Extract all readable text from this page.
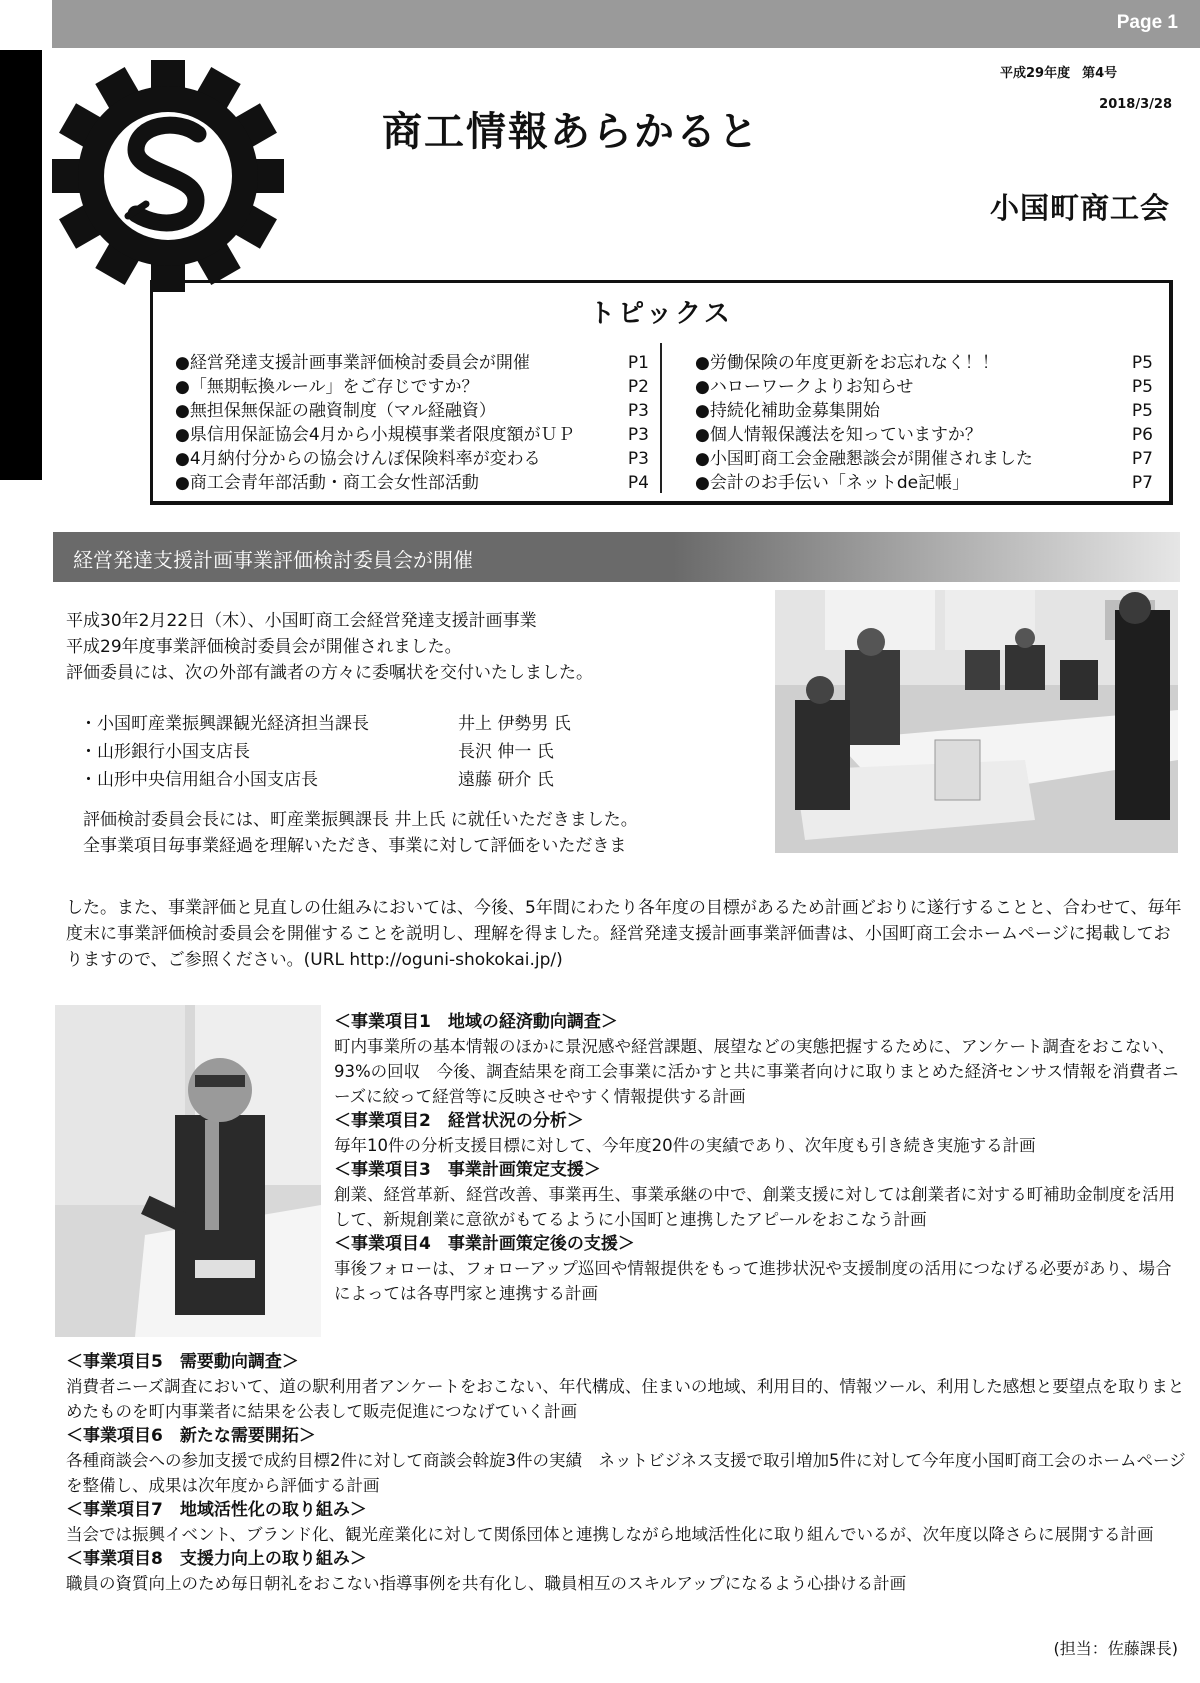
Page 1
商工情報あらかると
平成29年度 第4号
2018/3/28
小国町商工会
トピックス
●経営発達支援計画事業評価検討委員会が開催	P1
●「無期転換ルール」をご存じですか？	P2
●無担保無保証の融資制度（マル経融資）	P3
●県信用保証協会4月から小規模事業者限度額がＵＰ	P3
●4月納付分からの協会けんぽ保険料率が変わる	P3
●商工会青年部活動・商工会女性部活動	P4
●労働保険の年度更新をお忘れなく！！	P5
●ハローワークよりお知らせ	P5
●持続化補助金募集開始	P5
●個人情報保護法を知っていますか？	P6
●小国町商工会金融懇談会が開催されました	P7
●会計のお手伝い「ネットde記帳」	P7
経営発達支援計画事業評価検討委員会が開催

平成30年2月22日（木）、小国町商工会経営発達支援計画事業

平成29年度事業評価検討委員会が開催されました。

評価委員には、次の外部有識者の方々に委嘱状を交付いたしました。

・小国町産業振興課観光経済担当課長	井上 伊勢男 氏
・山形銀行小国支店長	長沢 伸一 氏
・山形中央信用組合小国支店長	遠藤 研介 氏

　評価検討委員会長には、町産業振興課長 井上氏 に就任いただきました。

　全事業項目毎事業経過を理解いただき、事業に対して評価をいただきま

した。また、事業評価と見直しの仕組みにおいては、今後、5年間にわたり各年度の目標があるため計画どおりに遂行することと、合わせて、毎年度末に事業評価検討委員会を開催することを説明し、理解を得ました。経営発達支援計画事業評価書は、小国町商工会ホームページに掲載しておりますので、ご参照ください。(URL http://oguni-shokokai.jp/)
＜事業項目1　地域の経済動向調査＞

町内事業所の基本情報のほかに景況感や経営課題、展望などの実態把握するために、アンケート調査をおこない、93%の回収　今後、調査結果を商工会事業に活かすと共に事業者向けに取りまとめた経済センサス情報を消費者ニーズに絞って経営等に反映させやすく情報提供する計画

＜事業項目2　経営状況の分析＞

毎年10件の分析支援目標に対して、今年度20件の実績であり、次年度も引き続き実施する計画

＜事業項目3　事業計画策定支援＞

創業、経営革新、経営改善、事業再生、事業承継の中で、創業支援に対しては創業者に対する町補助金制度を活用して、新規創業に意欲がもてるように小国町と連携したアピールをおこなう計画

＜事業項目4　事業計画策定後の支援＞

事後フォローは、フォローアップ巡回や情報提供をもって進捗状況や支援制度の活用につなげる必要があり、場合によっては各専門家と連携する計画

＜事業項目5　需要動向調査＞

消費者ニーズ調査において、道の駅利用者アンケートをおこない、年代構成、住まいの地域、利用目的、情報ツール、利用した感想と要望点を取りまとめたものを町内事業者に結果を公表して販売促進につなげていく計画

＜事業項目6　新たな需要開拓＞

各種商談会への参加支援で成約目標2件に対して商談会斡旋3件の実績　ネットビジネス支援で取引増加5件に対して今年度小国町商工会のホームページを整備し、成果は次年度から評価する計画

＜事業項目7　地域活性化の取り組み＞

当会では振興イベント、ブランド化、観光産業化に対して関係団体と連携しながら地域活性化に取り組んでいるが、次年度以降さらに展開する計画

＜事業項目8　支援力向上の取り組み＞

職員の資質向上のため毎日朝礼をおこない指導事例を共有化し、職員相互のスキルアップになるよう心掛ける計画

(担当：佐藤課長)
